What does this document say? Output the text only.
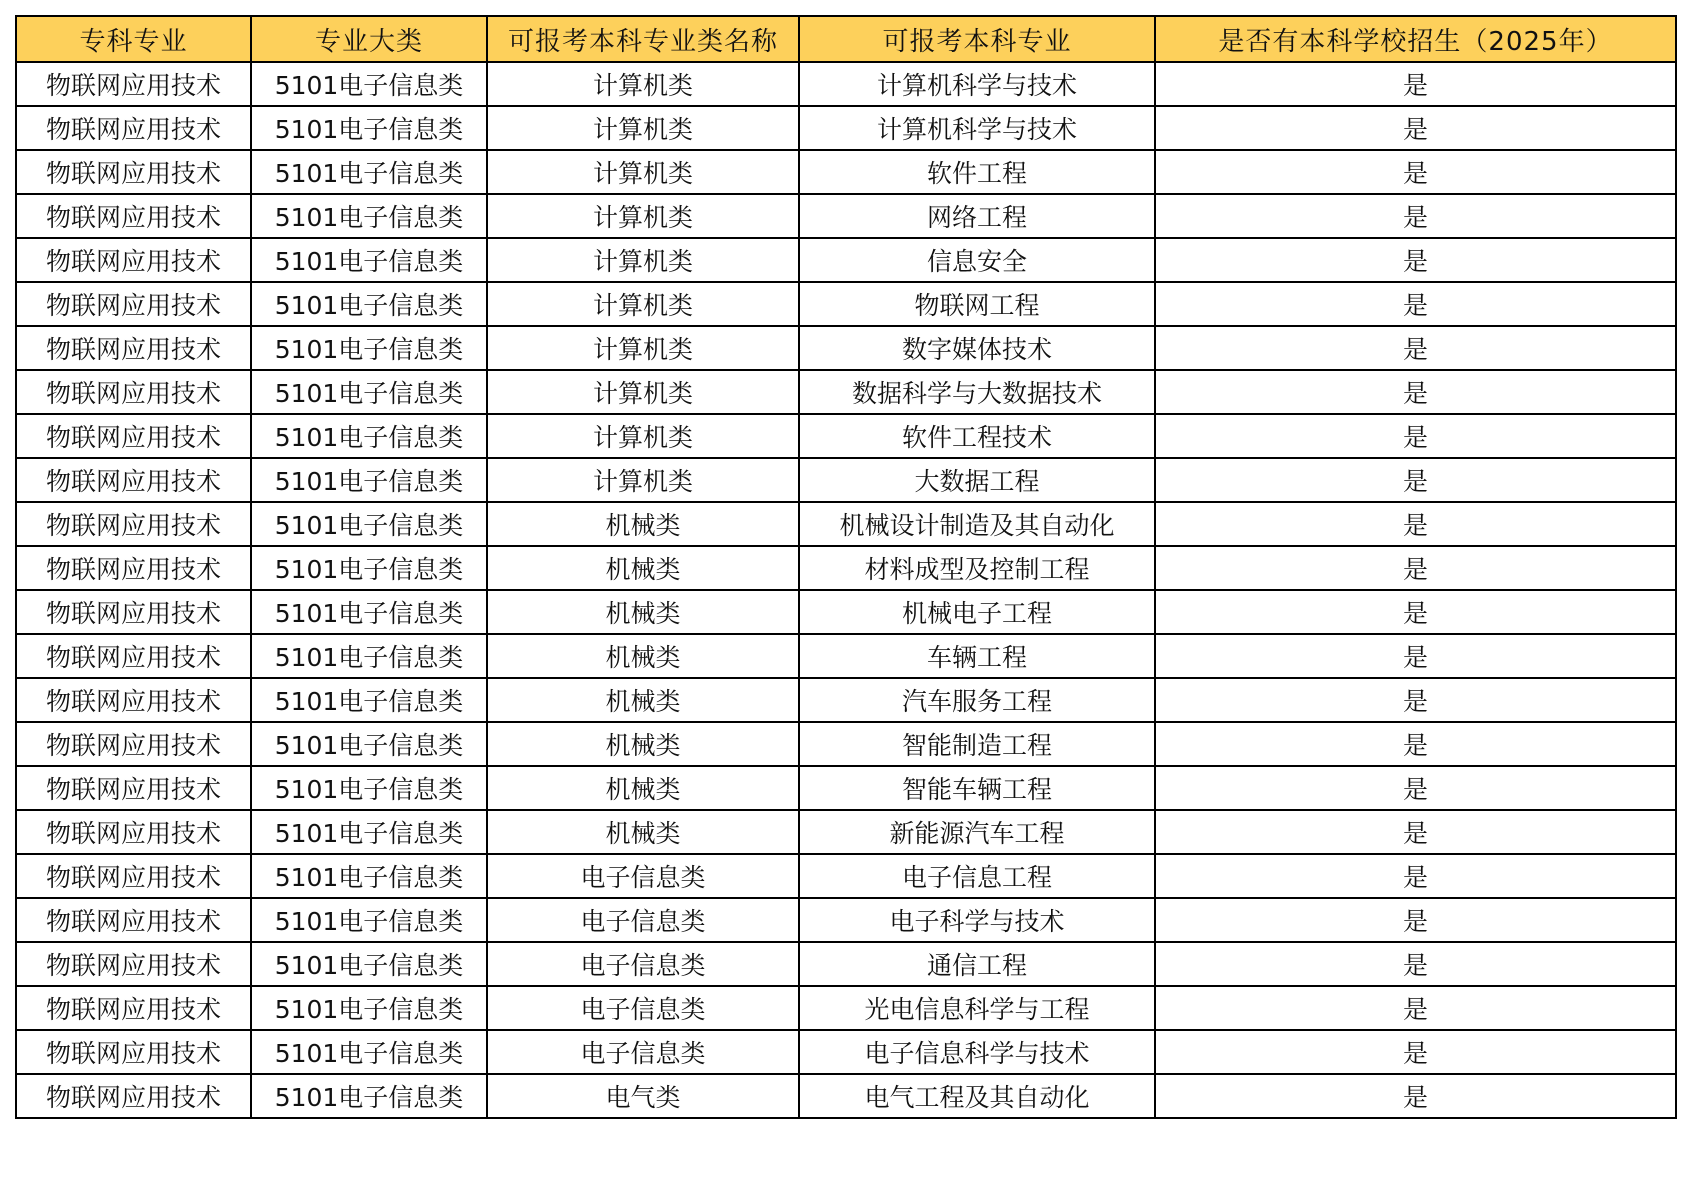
专科专业	专业大类	可报考本科专业类名称	可报考本科专业	是否有本科学校招生（2025年）
物联网应用技术	5101电子信息类	计算机类	计算机科学与技术	是
物联网应用技术	5101电子信息类	计算机类	计算机科学与技术	是
物联网应用技术	5101电子信息类	计算机类	软件工程	是
物联网应用技术	5101电子信息类	计算机类	网络工程	是
物联网应用技术	5101电子信息类	计算机类	信息安全	是
物联网应用技术	5101电子信息类	计算机类	物联网工程	是
物联网应用技术	5101电子信息类	计算机类	数字媒体技术	是
物联网应用技术	5101电子信息类	计算机类	数据科学与大数据技术	是
物联网应用技术	5101电子信息类	计算机类	软件工程技术	是
物联网应用技术	5101电子信息类	计算机类	大数据工程	是
物联网应用技术	5101电子信息类	机械类	机械设计制造及其自动化	是
物联网应用技术	5101电子信息类	机械类	材料成型及控制工程	是
物联网应用技术	5101电子信息类	机械类	机械电子工程	是
物联网应用技术	5101电子信息类	机械类	车辆工程	是
物联网应用技术	5101电子信息类	机械类	汽车服务工程	是
物联网应用技术	5101电子信息类	机械类	智能制造工程	是
物联网应用技术	5101电子信息类	机械类	智能车辆工程	是
物联网应用技术	5101电子信息类	机械类	新能源汽车工程	是
物联网应用技术	5101电子信息类	电子信息类	电子信息工程	是
物联网应用技术	5101电子信息类	电子信息类	电子科学与技术	是
物联网应用技术	5101电子信息类	电子信息类	通信工程	是
物联网应用技术	5101电子信息类	电子信息类	光电信息科学与工程	是
物联网应用技术	5101电子信息类	电子信息类	电子信息科学与技术	是
物联网应用技术	5101电子信息类	电气类	电气工程及其自动化	是
